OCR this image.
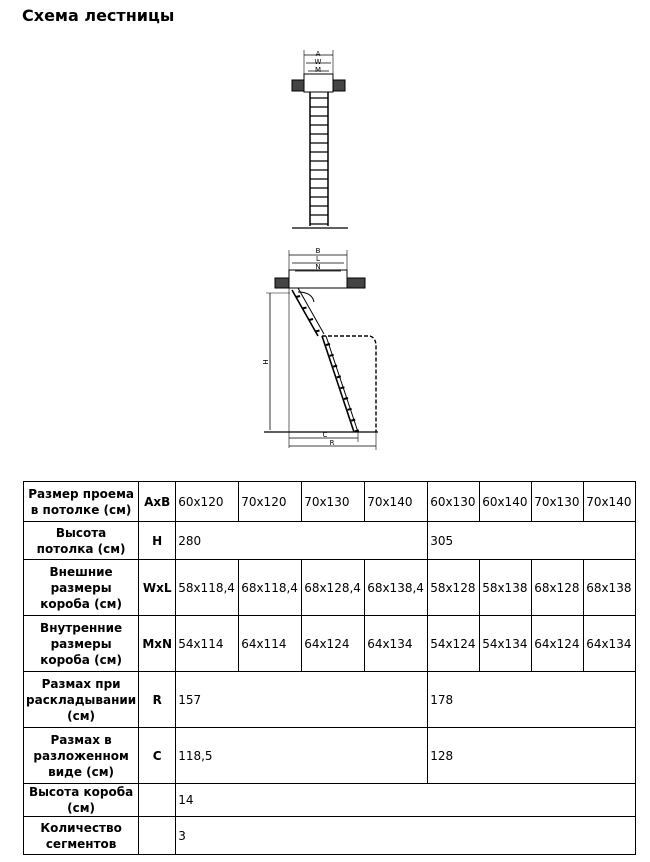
Схема лестницы
A
W
M
B
L
N
H
C
R
Размер проема в потолке (см)	AxB	60x120	70x120	70x130	70x140	60x130	60x140	70x130	70x140
Высота потолка (см)	H	280				305			
Внешние размеры короба (см)	WxL	58x118,4	68x118,4	68x128,4	68x138,4	58x128	58x138	68x128	68x138
Внутренние размеры короба (см)	MxN	54x114	64x114	64x124	64x134	54x124	54x134	64x124	64x134
Размах при раскладывании (см)	R	157				178			
Размах в разложенном виде (см)	C	118,5				128			
Высота короба (см)		14							
Количество сегментов		3							
